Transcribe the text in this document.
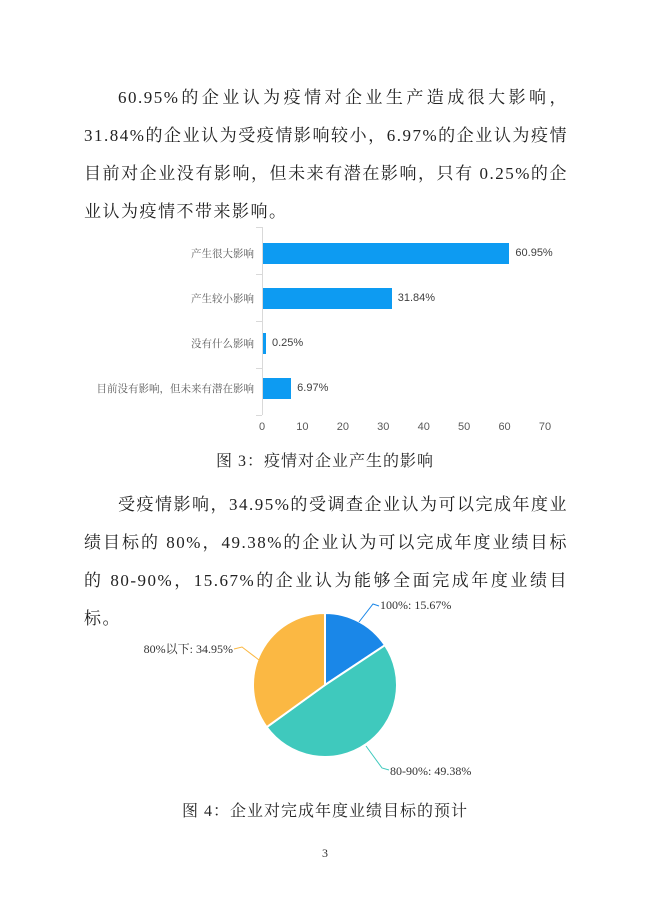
60.95%的企业认为疫情对企业生产造成很大影响，31.84%的企业认为受疫情影响较小，6.97%的企业认为疫情目前对企业没有影响，但未来有潜在影响，只有 0.25%的企业认为疫情不带来影响。

产生很大影响	60.95%
产生较小影响	31.84%
没有什么影响 0.25%
目前没有影响，但未来有潜在影响	6.97%
0	10	20	30	40	50	60	70
图 3：疫情对企业产生的影响

受疫情影响，34.95%的受调查企业认为可以完成年度业绩目标的 80%，49.38%的企业认为可以完成年度业绩目标的 80-90%，15.67%的企业认为能够全面完成年度业绩目标。

100%: 15.67%
80%以下: 34.95%
80-90%: 49.38%
图 4：企业对完成年度业绩目标的预计
3
